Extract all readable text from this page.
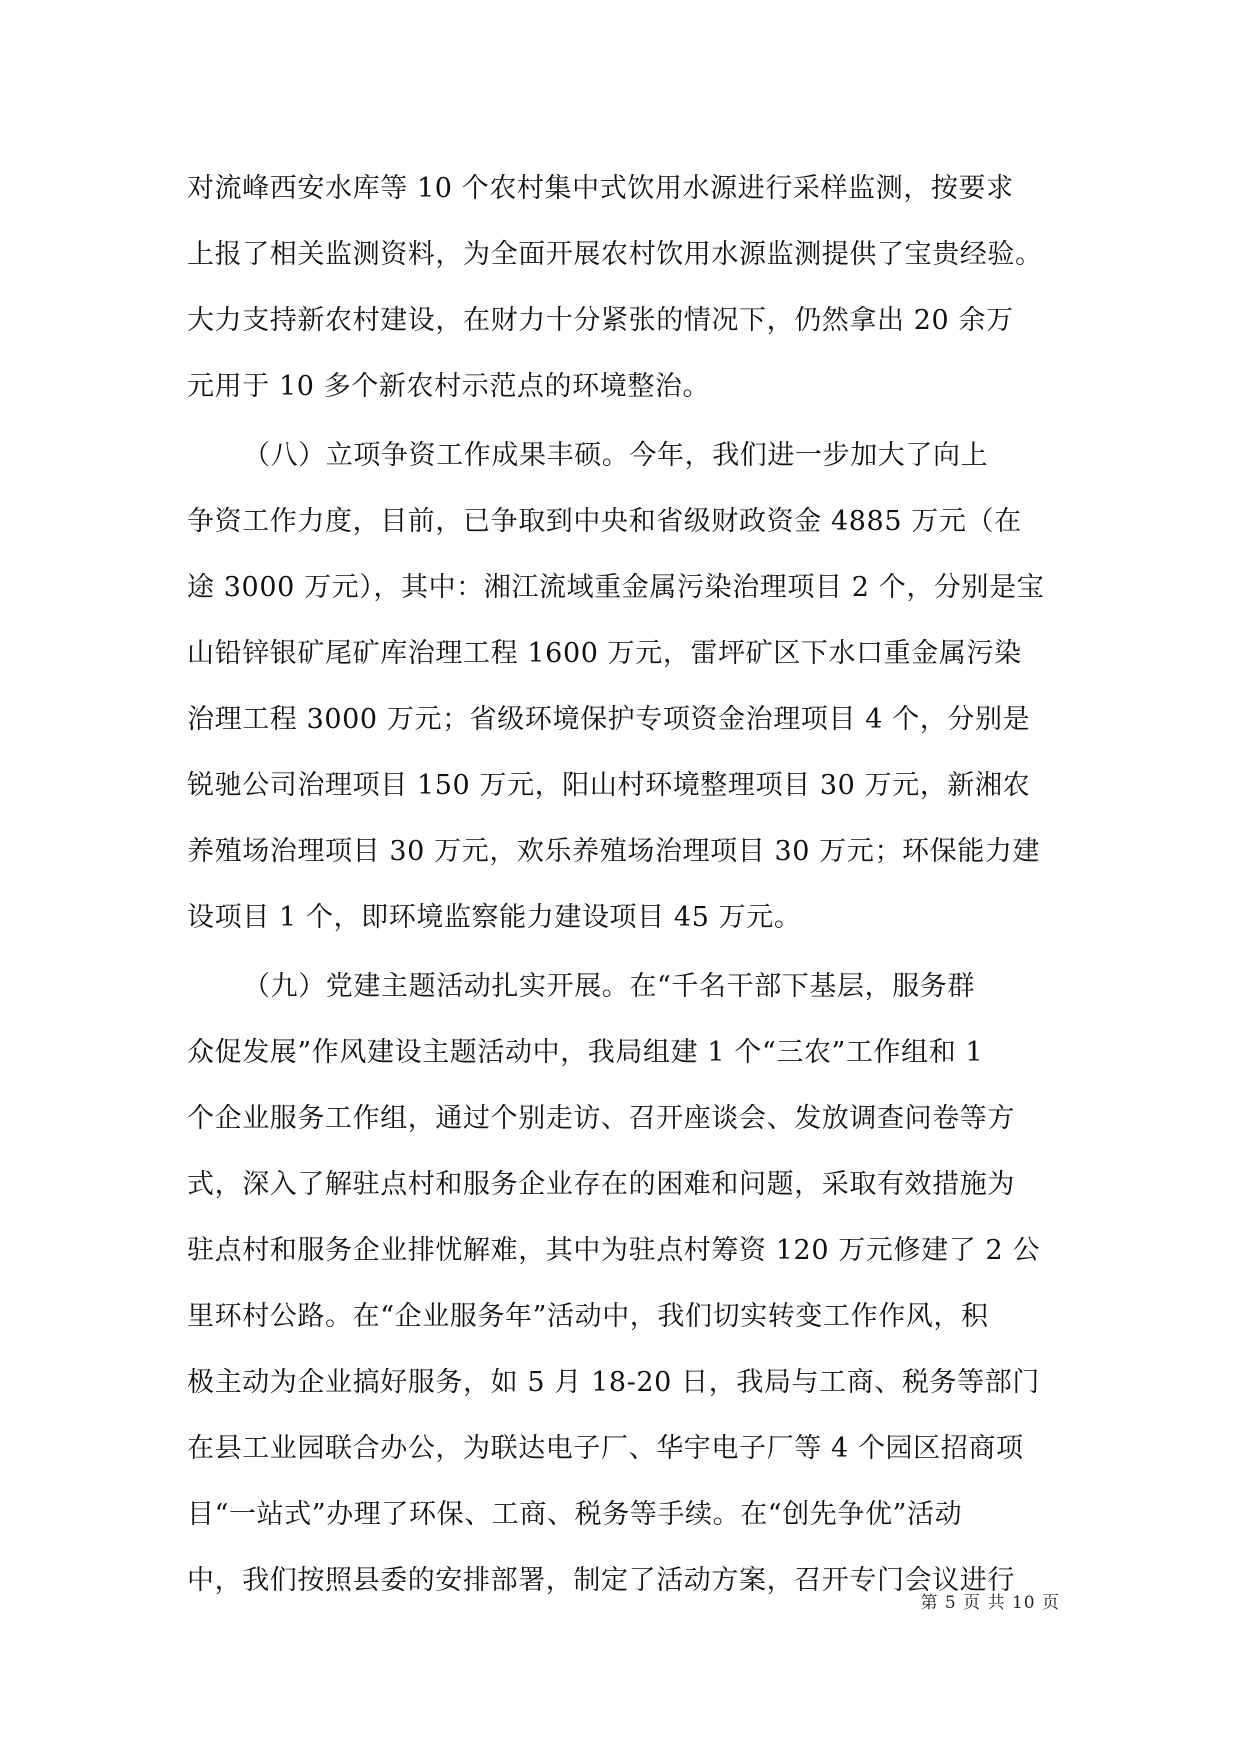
对流峰西安水库等 10 个农村集中式饮用水源进行采样监测，按要求
上报了相关监测资料，为全面开展农村饮用水源监测提供了宝贵经验。
大力支持新农村建设，在财力十分紧张的情况下，仍然拿出 20 余万
元用于 10 多个新农村示范点的环境整治。
（八）立项争资工作成果丰硕。今年，我们进一步加大了向上
争资工作力度，目前，已争取到中央和省级财政资金 4885 万元（在
途 3000 万元），其中：湘江流域重金属污染治理项目 2 个，分别是宝
山铅锌银矿尾矿库治理工程 1600 万元，雷坪矿区下水口重金属污染
治理工程 3000 万元；省级环境保护专项资金治理项目 4 个，分别是
锐驰公司治理项目 150 万元，阳山村环境整理项目 30 万元，新湘农
养殖场治理项目 30 万元，欢乐养殖场治理项目 30 万元；环保能力建
设项目 1 个，即环境监察能力建设项目 45 万元。
（九）党建主题活动扎实开展。在“千名干部下基层，服务群
众促发展”作风建设主题活动中，我局组建 1 个“三农”工作组和 1
个企业服务工作组，通过个别走访、召开座谈会、发放调查问卷等方
式，深入了解驻点村和服务企业存在的困难和问题，采取有效措施为
驻点村和服务企业排忧解难，其中为驻点村筹资 120 万元修建了 2 公
里环村公路。在“企业服务年”活动中，我们切实转变工作作风，积
极主动为企业搞好服务，如 5 月 18-20 日，我局与工商、税务等部门
在县工业园联合办公，为联达电子厂、华宇电子厂等 4 个园区招商项
目“一站式”办理了环保、工商、税务等手续。在“创先争优”活动
中，我们按照县委的安排部署，制定了活动方案，召开专门会议进行
第 5 页 共 10 页
